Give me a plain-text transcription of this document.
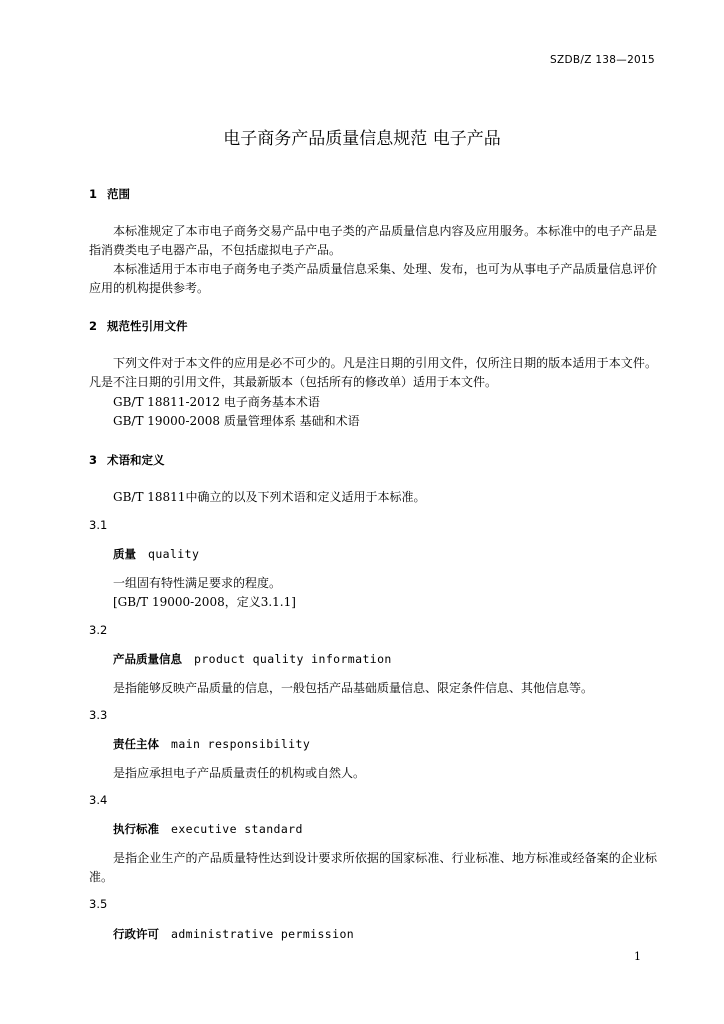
SZDB/Z 138—2015
电子商务产品质量信息规范 电子产品
1 范围
本标准规定了本市电子商务交易产品中电子类的产品质量信息内容及应用服务。本标准中的电子产品是指消费类电子电器产品，不包括虚拟电子产品。
本标准适用于本市电子商务电子类产品质量信息采集、处理、发布，也可为从事电子产品质量信息评价应用的机构提供参考。
2 规范性引用文件
下列文件对于本文件的应用是必不可少的。凡是注日期的引用文件，仅所注日期的版本适用于本文件。凡是不注日期的引用文件，其最新版本（包括所有的修改单）适用于本文件。
GB/T 18811-2012 电子商务基本术语
GB/T 19000-2008 质量管理体系 基础和术语
3 术语和定义
GB/T 18811中确立的以及下列术语和定义适用于本标准。
3.1
质量 quality
一组固有特性满足要求的程度。
[GB/T 19000-2008，定义3.1.1]
3.2
产品质量信息 product quality information
是指能够反映产品质量的信息，一般包括产品基础质量信息、限定条件信息、其他信息等。
3.3
责任主体 main responsibility
是指应承担电子产品质量责任的机构或自然人。
3.4
执行标准 executive standard
是指企业生产的产品质量特性达到设计要求所依据的国家标准、行业标准、地方标准或经备案的企业标准。
3.5
行政许可 administrative permission
1
